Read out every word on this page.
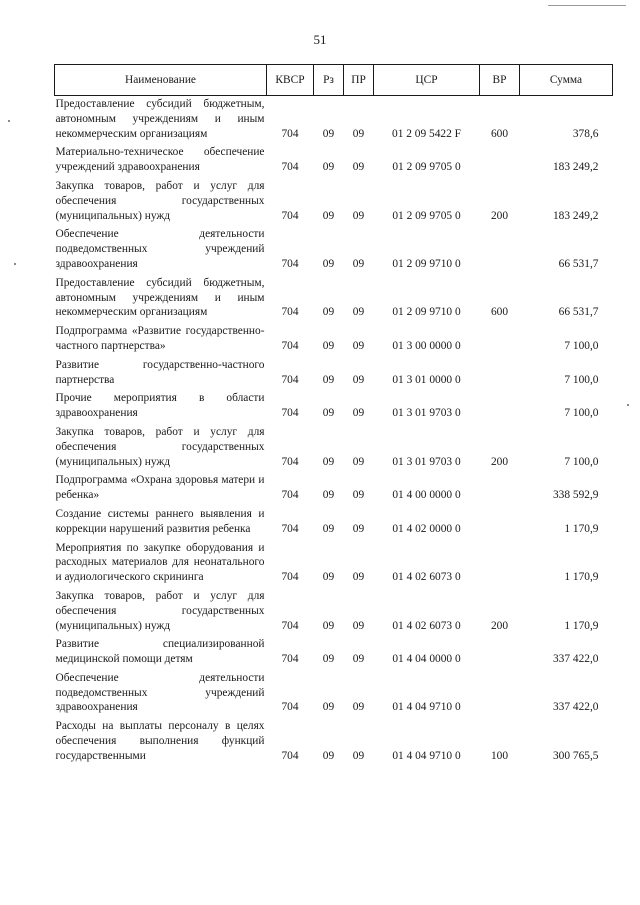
51
Наименование	КВСР	Рз	ПР	ЦСР	ВР	Сумма
Предоставление субсидий бюджетным, автономным учреждениям и иным некоммерческим организациям	704	09	09	01 2 09 5422 F	600	378,6
Материально-техническое обеспечение учреждений здравоохранения	704	09	09	01 2 09 9705 0		183 249,2
Закупка товаров, работ и услуг для обеспечения государственных (муниципальных) нужд	704	09	09	01 2 09 9705 0	200	183 249,2
Обеспечение деятельности подведомственных учреждений здравоохранения	704	09	09	01 2 09 9710 0		66 531,7
Предоставление субсидий бюджетным, автономным учреждениям и иным некоммерческим организациям	704	09	09	01 2 09 9710 0	600	66 531,7
Подпрограмма «Развитие государственно-частного партнерства»	704	09	09	01 3 00 0000 0		7 100,0
Развитие государственно-частного партнерства	704	09	09	01 3 01 0000 0		7 100,0
Прочие мероприятия в области здравоохранения	704	09	09	01 3 01 9703 0		7 100,0
Закупка товаров, работ и услуг для обеспечения государственных (муниципальных) нужд	704	09	09	01 3 01 9703 0	200	7 100,0
Подпрограмма «Охрана здоровья матери и ребенка»	704	09	09	01 4 00 0000 0		338 592,9
Создание системы раннего выявления и коррекции нарушений развития ребенка	704	09	09	01 4 02 0000 0		1 170,9
Мероприятия по закупке оборудования и расходных материалов для неонатального и аудиологического скрининга	704	09	09	01 4 02 6073 0		1 170,9
Закупка товаров, работ и услуг для обеспечения государственных (муниципальных) нужд	704	09	09	01 4 02 6073 0	200	1 170,9
Развитие специализированной медицинской помощи детям	704	09	09	01 4 04 0000 0		337 422,0
Обеспечение деятельности подведомственных учреждений здравоохранения	704	09	09	01 4 04 9710 0		337 422,0
Расходы на выплаты персоналу в целях обеспечения выполнения функций государственными	704	09	09	01 4 04 9710 0	100	300 765,5
